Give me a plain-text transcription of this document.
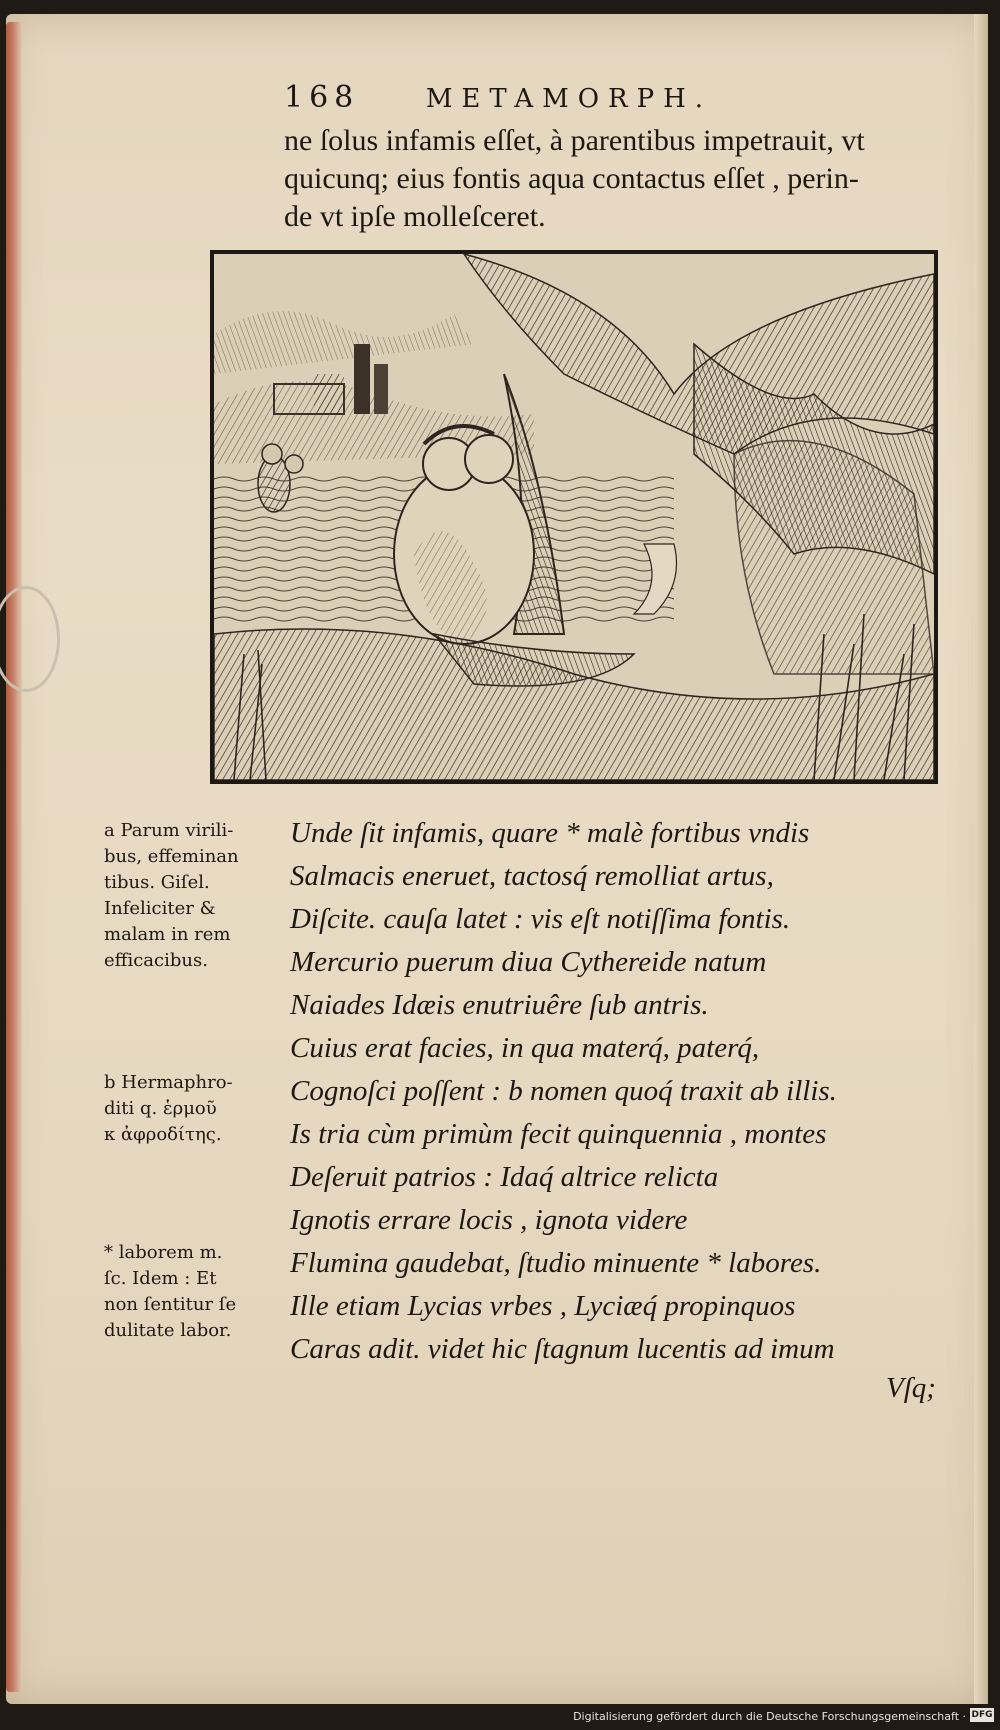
168	METAMORPH.
ne ſolus infamis eſſet, à parentibus impetrauit, vt
quicunq; eius fontis aqua contactus eſſet , perin-
de vt ipſe molleſceret.
a Parum virili-
bus, effeminan
tibus. Giſel.
Infeliciter &
malam in rem
efficacibus.
b Hermaphro-
diti q. ἑρμοῦ
κ ἀφροδίτης.
* laborem m.
ſc. Idem : Et
non ſentitur ſe
dulitate labor.
Unde ſit infamis, quare * malè fortibus vndis
Salmacis eneruet, tactosq́ remolliat artus,
Diſcite. cauſa latet : vis eſt notiſſima fontis.
Mercurio puerum diua Cythereide natum
Naiades Idæis enutriuêre ſub antris.
Cuius erat facies, in qua materq́, paterq́,
Cognoſci poſſent : b nomen quoq́ traxit ab illis.
Is tria cùm primùm fecit quinquennia , montes
Deſeruit patrios : Idaq́ altrice relicta
Ignotis errare locis , ignota videre
Flumina gaudebat, ſtudio minuente * labores.
Ille etiam Lycias vrbes , Lyciæq́ propinquos
Caras adit. videt hic ſtagnum lucentis ad imum
Vſq;
Digitalisierung gefördert durch die Deutsche Forschungsgemeinschaft · DFG
